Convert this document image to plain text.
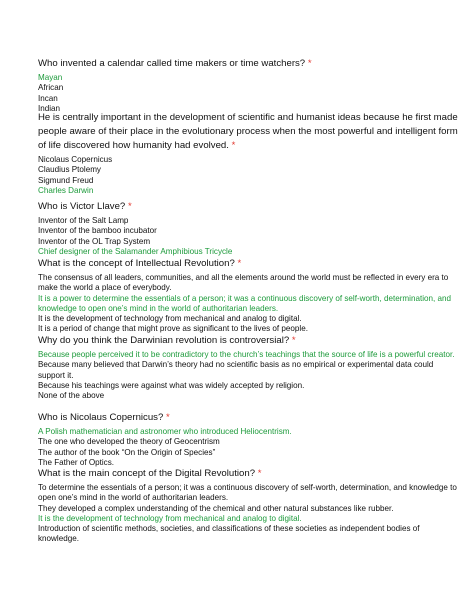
Who invented a calendar called time makers or time watchers? *

Mayan

African

Incan

Indian

He is centrally important in the development of scientific and humanist ideas because he first made people aware of their place in the evolutionary process when the most powerful and intelligent form of life discovered how humanity had evolved. *

Nicolaus Copernicus

Claudius Ptolemy

Sigmund Freud

Charles Darwin

Who is Victor Llave? *

Inventor of the Salt Lamp

Inventor of the bamboo incubator

Inventor of the OL Trap System

Chief designer of the Salamander Amphibious Tricycle

What is the concept of Intellectual Revolution? *

The consensus of all leaders, communities, and all the elements around the world must be reflected in every era to make the world a place of everybody.

It is a power to determine the essentials of a person; it was a continuous discovery of self-worth, determination, and knowledge to open one’s mind in the world of authoritarian leaders.

It is the development of technology from mechanical and analog to digital.

It is a period of change that might prove as significant to the lives of people.

Why do you think the Darwinian revolution is controversial? *

Because people perceived it to be contradictory to the church’s teachings that the source of life is a powerful creator.

Because many believed that Darwin’s theory had no scientific basis as no empirical or experimental data could support it.

Because his teachings were against what was widely accepted by religion.

None of the above

Who is Nicolaus Copernicus? *

A Polish mathematician and astronomer who introduced Heliocentrism.

The one who developed the theory of Geocentrism

The author of the book “On the Origin of Species”

The Father of Optics.

What is the main concept of the Digital Revolution? *

To determine the essentials of a person; it was a continuous discovery of self-worth, determination, and knowledge to open one’s mind in the world of authoritarian leaders.

They developed a complex understanding of the chemical and other natural substances like rubber.

It is the development of technology from mechanical and analog to digital.

Introduction of scientific methods, societies, and classifications of these societies as independent bodies of knowledge.
